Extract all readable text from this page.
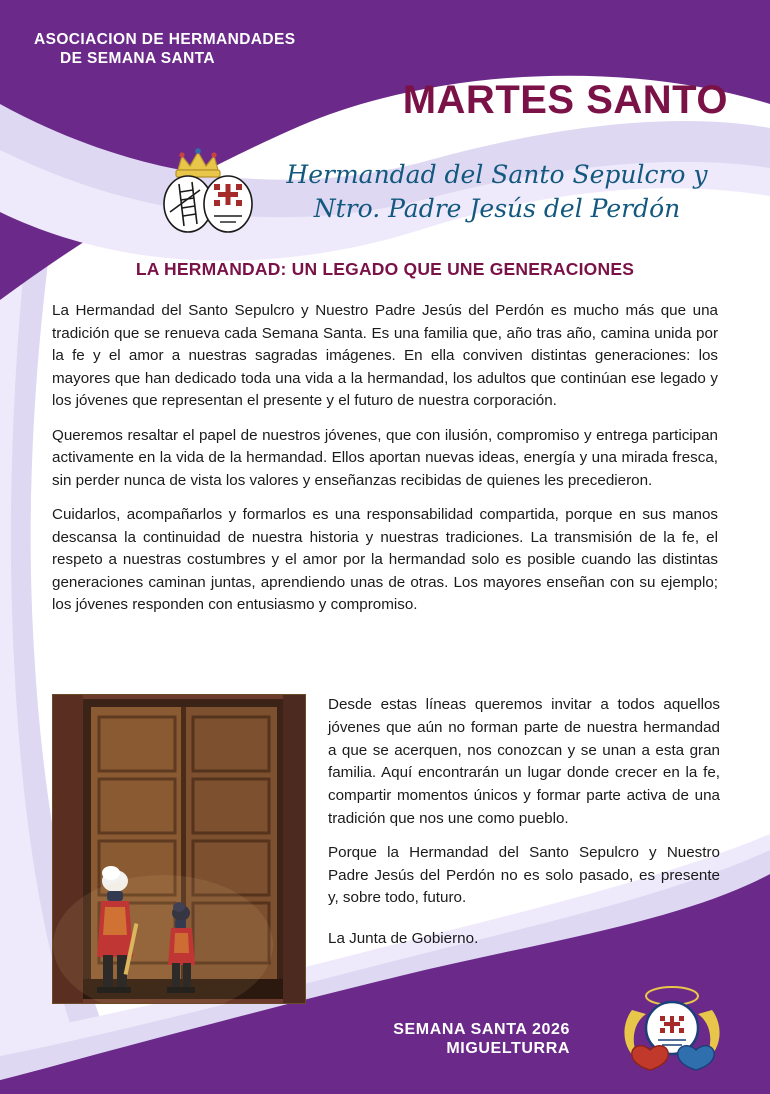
ASOCIACION DE HERMANDADES
DE SEMANA SANTA
MARTES SANTO
Hermandad del Santo Sepulcro y
Ntro. Padre Jesús del Perdón
LA HERMANDAD: UN LEGADO QUE UNE GENERACIONES

La Hermandad del Santo Sepulcro y Nuestro Padre Jesús del Perdón es mucho más que una tradición que se renueva cada Semana Santa. Es una familia que, año tras año, camina unida por la fe y el amor a nuestras sagradas imágenes. En ella conviven distintas generaciones: los mayores que han dedicado toda una vida a la hermandad, los adultos que continúan ese legado y los jóvenes que representan el presente y el futuro de nuestra corporación.

Queremos resaltar el papel de nuestros jóvenes, que con ilusión, compromiso y entrega participan activamente en la vida de la hermandad. Ellos aportan nuevas ideas, energía y una mirada fresca, sin perder nunca de vista los valores y enseñanzas recibidas de quienes les precedieron.

Cuidarlos, acompañarlos y formarlos es una responsabilidad compartida, porque en sus manos descansa la continuidad de nuestra historia y nuestras tradiciones. La transmisión de la fe, el respeto a nuestras costumbres y el amor por la hermandad solo es posible cuando las distintas generaciones caminan juntas, aprendiendo unas de otras. Los mayores enseñan con su ejemplo; los jóvenes responden con entusiasmo y compromiso.

Desde estas líneas queremos invitar a todos aquellos jóvenes que aún no forman parte de nuestra hermandad a que se acerquen, nos conozcan y se unan a esta gran familia. Aquí encontrarán un lugar donde crecer en la fe, compartir momentos únicos y formar parte activa de una tradición que nos une como pueblo.

Porque la Hermandad del Santo Sepulcro y Nuestro Padre Jesús del Perdón no es solo pasado, es presente y, sobre todo, futuro.

La Junta de Gobierno.

SEMANA SANTA 2026
MIGUELTURRA
